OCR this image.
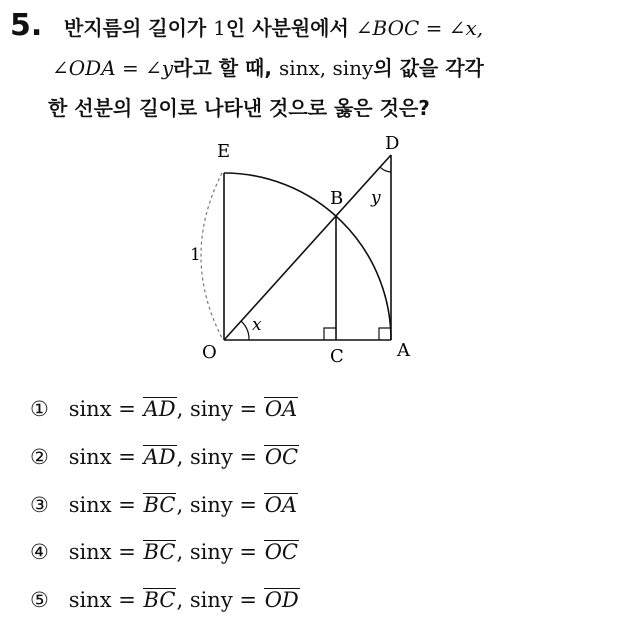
5. 반지름의 길이가 1인 사분원에서 ∠BOC = ∠x,
∠ODA = ∠y라고 할 때, sinx, siny의 값을 각각
한 선분의 길이로 나타낸 것으로 옳은 것은?
E	D
B y
1
x
O	C	A
① sinx = AD, siny = OA
② sinx = AD, siny = OC
③ sinx = BC, siny = OA
④ sinx = BC, siny = OC
⑤ sinx = BC, siny = OD
